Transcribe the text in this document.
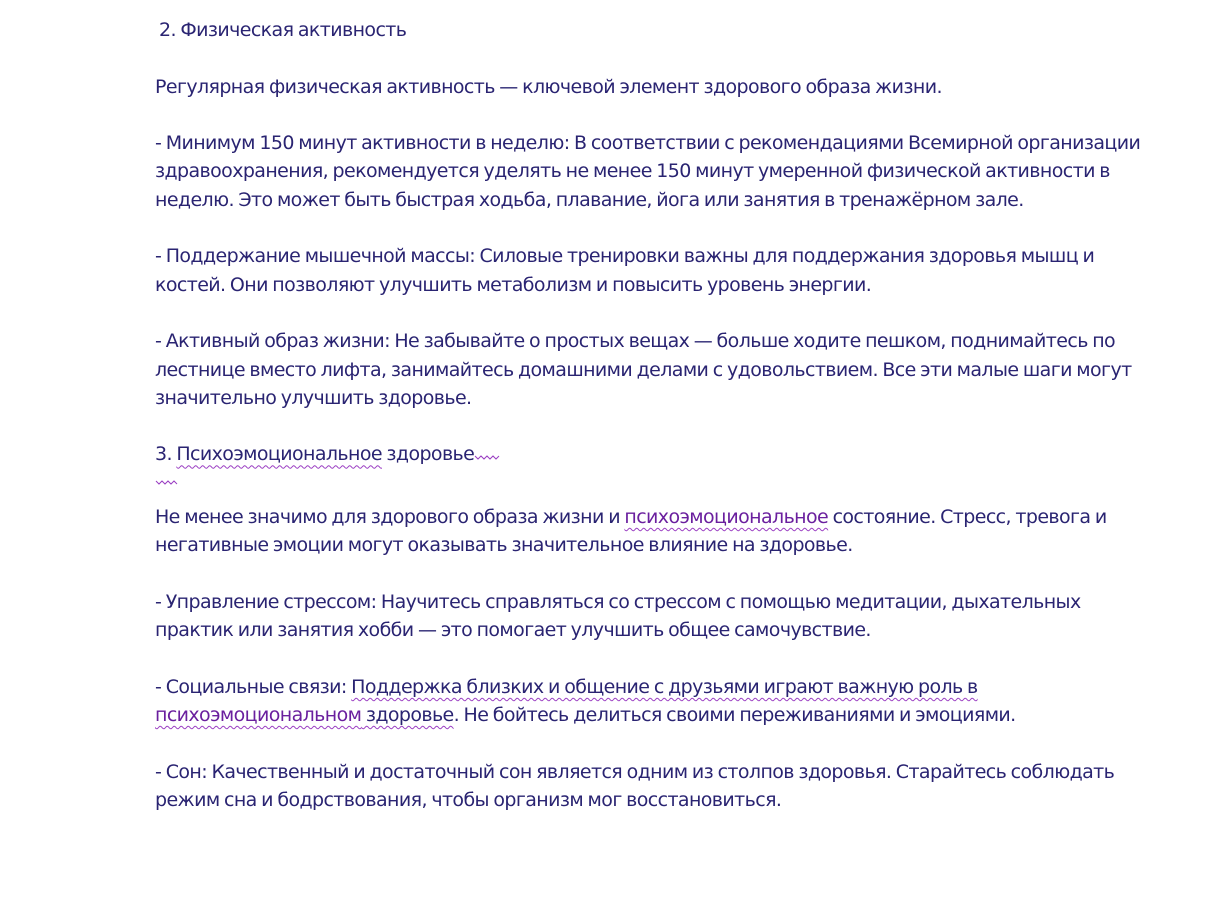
2. Физическая активность

Регулярная физическая активность — ключевой элемент здорового образа жизни.

- Минимум 150 минут активности в неделю: В соответствии с рекомендациями Всемирной организации

здравоохранения, рекомендуется уделять не менее 150 минут умеренной физической активности в

неделю. Это может быть быстрая ходьба, плавание, йога или занятия в тренажёрном зале.

- Поддержание мышечной массы: Силовые тренировки важны для поддержания здоровья мышц и

костей. Они позволяют улучшить метаболизм и повысить уровень энергии.

- Активный образ жизни: Не забывайте о простых вещах — больше ходите пешком, поднимайтесь по

лестнице вместо лифта, занимайтесь домашними делами с удовольствием. Все эти малые шаги могут

значительно улучшить здоровье.

3. Психоэмоциональное здоровье

Не менее значимо для здорового образа жизни и психоэмоциональное состояние. Стресс, тревога и

негативные эмоции могут оказывать значительное влияние на здоровье.

- Управление стрессом: Научитесь справляться со стрессом с помощью медитации, дыхательных

практик или занятия хобби — это помогает улучшить общее самочувствие.

- Социальные связи: Поддержка близких и общение с друзьями играют важную роль в

психоэмоциональном здоровье. Не бойтесь делиться своими переживаниями и эмоциями.

- Сон: Качественный и достаточный сон является одним из столпов здоровья. Старайтесь соблюдать

режим сна и бодрствования, чтобы организм мог восстановиться.
